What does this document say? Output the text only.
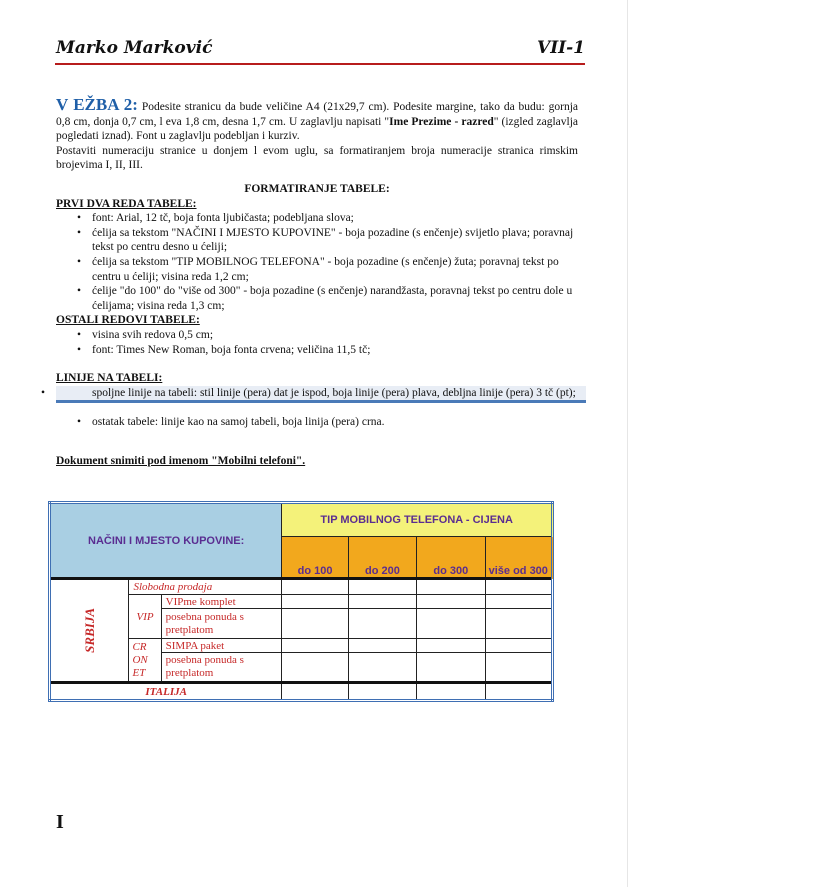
Marko Marković	VII-1
V EŽBA 2: Podesite stranicu da bude veličine A4 (21x29,7 cm). Podesite margine, tako da budu: gornja 0,8 cm, donja 0,7 cm, l eva 1,8 cm, desna 1,7 cm. U zaglavlju napisati "Ime Prezime - razred" (izgled zaglavlja pogledati iznad). Font u zaglavlju podebljan i kurziv.
Postaviti numeraciju stranice u donjem l evom uglu, sa formatiranjem broja numeracije stranica rimskim brojevima I, II, III.
FORMATIRANJE TABELE:
PRVI DVA REDA TABELE:
• font: Arial, 12 tč, boja fonta ljubičasta; podebljana slova;
• ćelija sa tekstom "NAČINI I MJESTO KUPOVINE" - boja pozadine (s enčenje) svijetlo plava; poravnaj tekst po centru desno u ćeliji;
• ćelija sa tekstom "TIP MOBILNOG TELEFONA" - boja pozadine (s enčenje) žuta; poravnaj tekst po centru u ćeliji; visina reda 1,2 cm;
• ćelije "do 100" do "više od 300" - boja pozadine (s enčenje) narandžasta, poravnaj tekst po centru dole u ćelijama; visina reda 1,3 cm;
OSTALI REDOVI TABELE:
• visina svih redova 0,5 cm;
• font: Times New Roman, boja fonta crvena; veličina 11,5 tč;
LINIJE NA TABELI:
• spoljne linije na tabeli: stil linije (pera) dat je ispod, boja linije (pera) plava, debljna linije (pera) 3 tč (pt);
• ostatak tabele: linije kao na samoj tabeli, boja linija (pera) crna.
Dokument snimiti pod imenom "Mobilni telefoni".
NAČINI I MJESTO KUPOVINE:			TIP MOBILNOG TELEFONA - CIJENA			
			do 100	do 200	do 300	više od 300

SRBIJA	Slobodna prodaja					
	VIP	VIPme komplet				
		posebna ponuda s pretplatom				
	CR ON ET	SIMPA paket				
		posebna ponuda s pretplatom				
ITALIJA						
I
